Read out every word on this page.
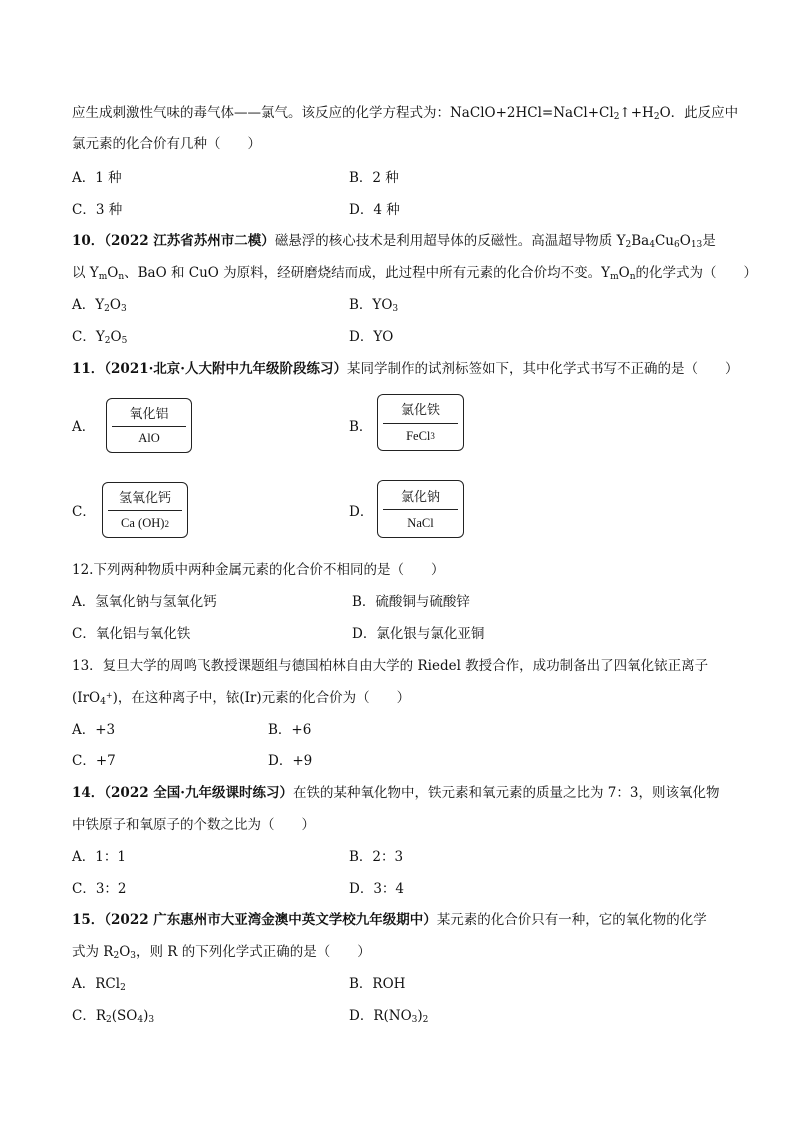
应生成刺激性气味的毒气体——氯气。该反应的化学方程式为：$NaClO+2HCl=NaCl+Cl_2↑+H_2O$．此反应中
氯元素的化合价有几种（　　）
A．1 种	B．2 种
C．3 种	D．4 种
10．（2022 江苏省苏州市二模）磁悬浮的核心技术是利用超导体的反磁性。高温超导物质 $Y_2Ba_4Cu_6O_{13}$是
以 $Y_mO_n$、BaO 和 CuO 为原料，经研磨烧结而成，此过程中所有元素的化合价均不变。$Y_mO_n$的化学式为（　　）
A．$Y_2O_3$	B．$YO_3$
C．$Y_2O_5$	D．YO
11．（2021·北京·人大附中九年级阶段练习）某同学制作的试剂标签如下，其中化学式书写不正确的是（　　）
A．
氧化铝
AlO
B．
氯化铁
FeCl 3
C．
氢氧化钙
Ca (OH) 2
D．
氯化钠
NaCl
12.下列两种物质中两种金属元素的化合价不相同的是（　　）
A．氢氧化钠与氢氧化钙	B．硫酸铜与硫酸锌
C．氧化铝与氧化铁	D．氯化银与氯化亚铜
13．复旦大学的周鸣飞教授课题组与德国柏林自由大学的 Riedel 教授合作，成功制备出了四氧化铱正离子
(IrO$_4$+)，在这种离子中，铱(Ir)元素的化合价为（　　）
A．+3	B．+6
C．+7	D．+9
14．（2022 全国·九年级课时练习）在铁的某种氧化物中，铁元素和氧元素的质量之比为 7：3，则该氧化物
中铁原子和氧原子的个数之比为（　　）
A．1：1	B．2：3
C．3：2	D．3：4
15．（2022 广东惠州市大亚湾金澳中英文学校九年级期中）某元素的化合价只有一种，它的氧化物的化学
式为 $R_2O_3$，则 R 的下列化学式正确的是（　　）
A．RCl$_2$	B．ROH
C．$R_2(SO_4)_3$	D．$R(NO_3)_2$
